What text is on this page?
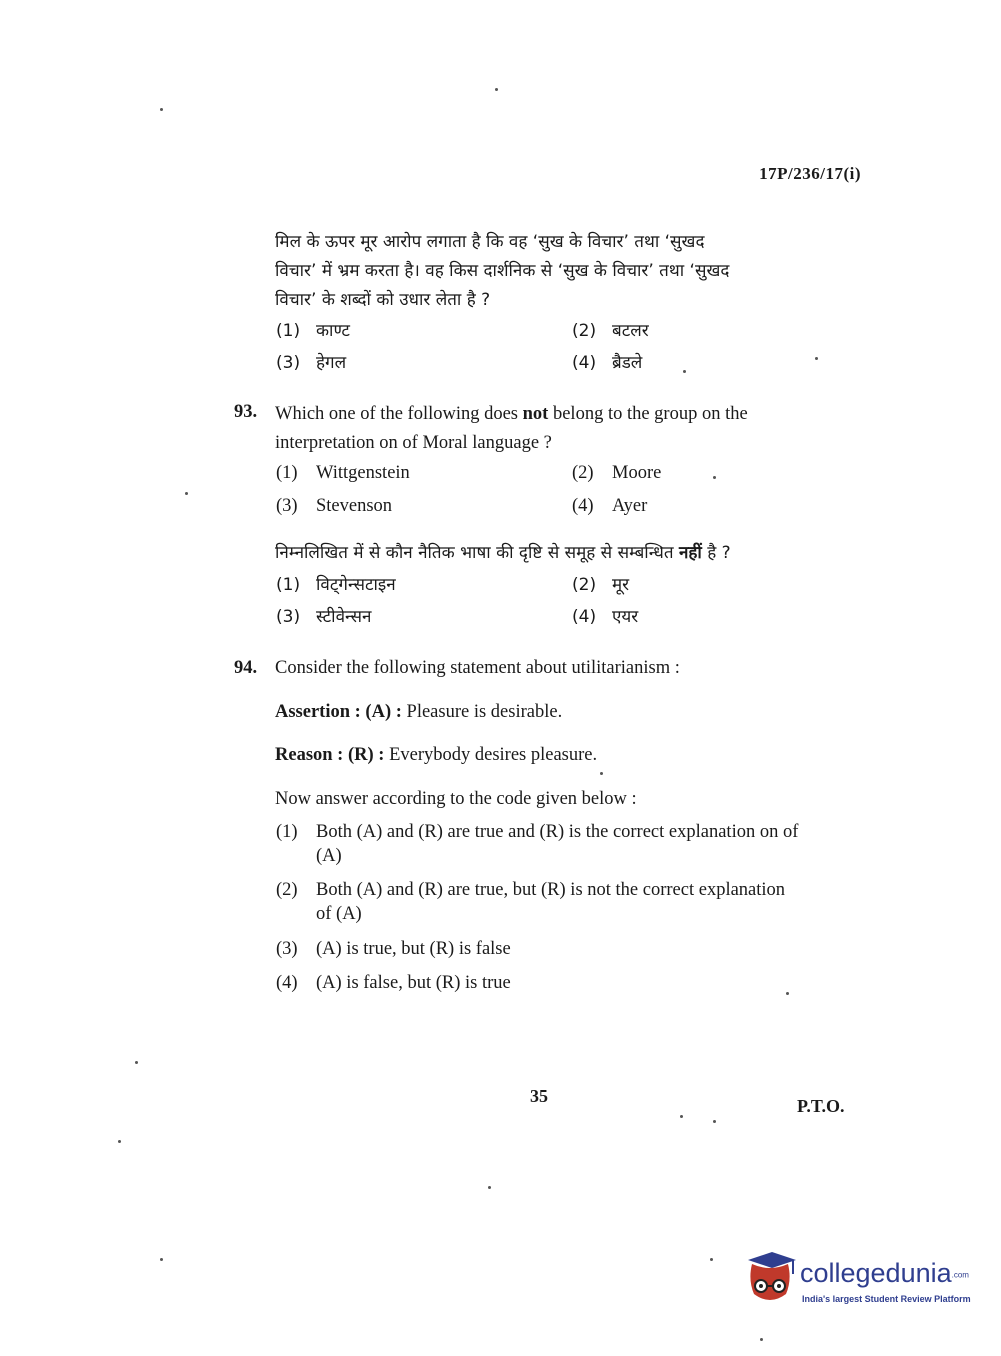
17P/236/17(i)
मिल के ऊपर मूर आरोप लगाता है कि वह ‘सुख के विचार’ तथा ‘सुखद
विचार’ में भ्रम करता है। वह किस दार्शनिक से ‘सुख के विचार’ तथा ‘सुखद
विचार’ के शब्दों को उधार लेता है ?
(1) काण्ट	(2) बटलर
(3) हेगल	(4) ब्रैडले
93. Which one of the following does not belong to the group on the
interpretation on of Moral language ?
(1) Wittgenstein	(2) Moore
(3) Stevenson	(4) Ayer
निम्नलिखित में से कौन नैतिक भाषा की दृष्टि से समूह से सम्बन्धित नहीं है ?
(1) विट्गेन्सटाइन	(2) मूर
(3) स्टीवेन्सन	(4) एयर
94. Consider the following statement about utilitarianism :
Assertion : (A) : Pleasure is desirable.
Reason : (R) : Everybody desires pleasure.
Now answer according to the code given below :
(1) Both (A) and (R) are true and (R) is the correct explanation on of
(A)
(2) Both (A) and (R) are true, but (R) is not the correct explanation
of (A)
(3) (A) is true, but (R) is false
(4) (A) is false, but (R) is true
35	P.T.O.
collegedunia.com
India's largest Student Review Platform
